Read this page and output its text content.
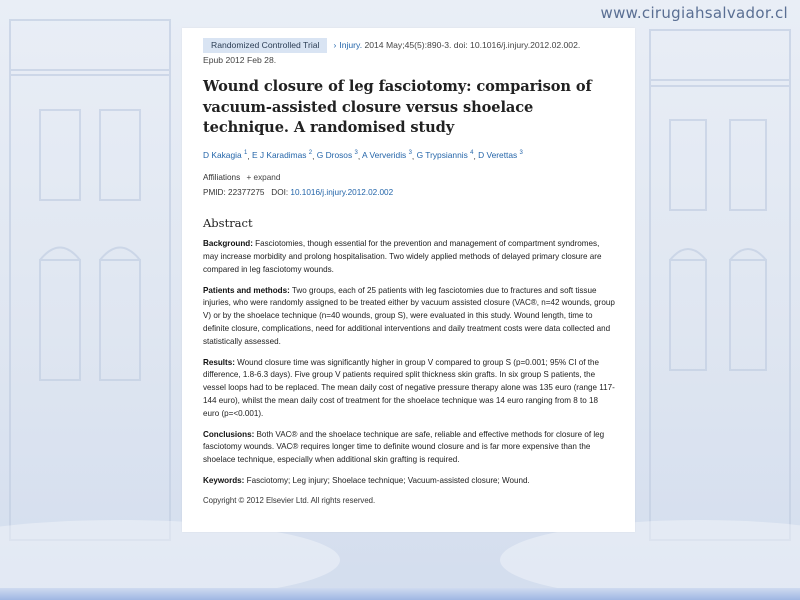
www.cirugiahsalvador.cl
Randomized Controlled Trial › Injury. 2014 May;45(5):890-3. doi: 10.1016/j.injury.2012.02.002.
Epub 2012 Feb 28.
Wound closure of leg fasciotomy: comparison of vacuum-assisted closure versus shoelace technique. A randomised study
D Kakagia $^1$, E J Karadimas $^2$, G Drosos $^3$, A Ververidis $^3$, G Trypsiannis $^4$, D Verettas $^3$
Affiliations + expand
PMID: 22377275 DOI: 10.1016/j.injury.2012.02.002
Abstract

Background: Fasciotomies, though essential for the prevention and management of compartment syndromes, may increase morbidity and prolong hospitalisation. Two widely applied methods of delayed primary closure are compared in leg fasciotomy wounds.

Patients and methods: Two groups, each of 25 patients with leg fasciotomies due to fractures and soft tissue injuries, who were randomly assigned to be treated either by vacuum assisted closure (VAC®, n=42 wounds, group V) or by the shoelace technique (n=40 wounds, group S), were evaluated in this study. Wound length, time to definite closure, complications, need for additional interventions and daily treatment costs were data collected and statistically assessed.

Results: Wound closure time was significantly higher in group V compared to group S (p=0.001; 95% CI of the difference, 1.8-6.3 days). Five group V patients required split thickness skin grafts. In six group S patients, the vessel loops had to be replaced. The mean daily cost of negative pressure therapy alone was 135 euro (range 117-144 euro), whilst the mean daily cost of treatment for the shoelace technique was 14 euro ranging from 8 to 18 euro (p=<0.001).

Conclusions: Both VAC® and the shoelace technique are safe, reliable and effective methods for closure of leg fasciotomy wounds. VAC® requires longer time to definite wound closure and is far more expensive than the shoelace technique, especially when additional skin grafting is required.

Keywords: Fasciotomy; Leg injury; Shoelace technique; Vacuum-assisted closure; Wound.

Copyright © 2012 Elsevier Ltd. All rights reserved.
